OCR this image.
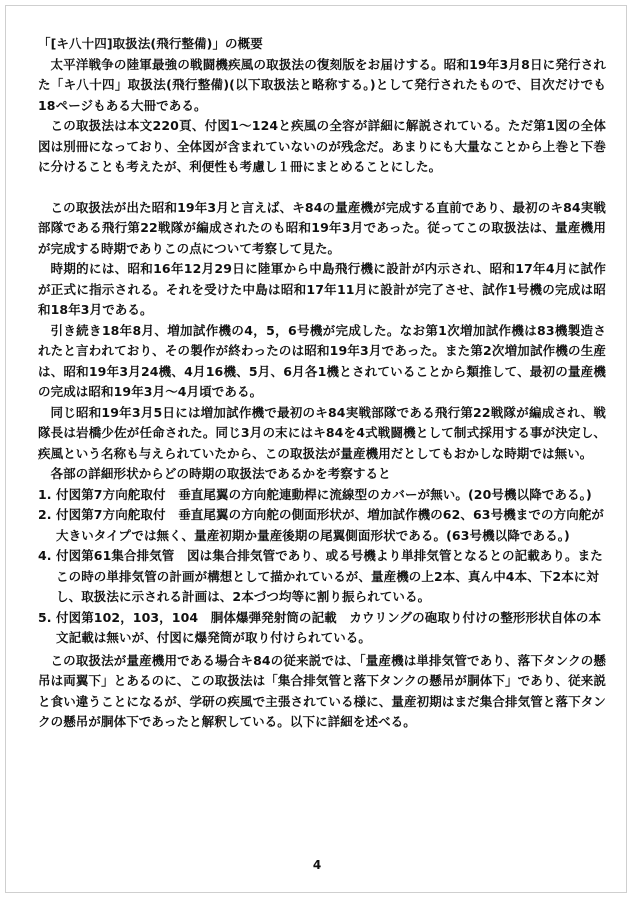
「[キ八十四]取扱法(飛行整備)」の概要

太平洋戦争の陸軍最強の戦闘機疾風の取扱法の復刻版をお届けする。昭和19年3月8日に発行された「キ八十四」取扱法(飛行整備)(以下取扱法と略称する。)として発行されたもので、目次だけでも18ページもある大冊である。

この取扱法は本文220頁、付図1～124と疾風の全容が詳細に解説されている。ただ第1図の全体図は別冊になっており、全体図が含まれていないのが残念だ。あまりにも大量なことから上巻と下巻に分けることも考えたが、利便性も考慮し１冊にまとめることにした。

この取扱法が出た昭和19年3月と言えば、キ84の量産機が完成する直前であり、最初のキ84実戦部隊である飛行第22戦隊が編成されたのも昭和19年3月であった。従ってこの取扱法は、量産機用が完成する時期でありこの点について考察して見た。

時期的には、昭和16年12月29日に陸軍から中島飛行機に設計が内示され、昭和17年4月に試作が正式に指示される。それを受けた中島は昭和17年11月に設計が完了させ、試作1号機の完成は昭和18年3月である。

引き続き18年8月、増加試作機の4，5，6号機が完成した。なお第1次増加試作機は83機製造されたと言われており、その製作が終わったのは昭和19年3月であった。また第2次増加試作機の生産は、昭和19年3月24機、4月16機、5月、6月各1機とされていることから類推して、最初の量産機の完成は昭和19年3月～4月頃である。

同じ昭和19年3月5日には増加試作機で最初のキ84実戦部隊である飛行第22戦隊が編成され、戦隊長は岩橋少佐が任命された。同じ3月の末にはキ84を4式戦闘機として制式採用する事が決定し、疾風という名称も与えられていたから、この取扱法が量産機用だとしてもおかしな時期では無い。

各部の詳細形状からどの時期の取扱法であるかを考察すると

1. 付図第7方向舵取付　垂直尾翼の方向舵連動桿に流線型のカバーが無い。(20号機以降である。)
2. 付図第7方向舵取付　垂直尾翼の方向舵の側面形状が、増加試作機の62、63号機までの方向舵が大きいタイプでは無く、量産初期か量産後期の尾翼側面形状である。(63号機以降である。)
4. 付図第61集合排気管　図は集合排気管であり、或る号機より単排気管となるとの記載あり。またこの時の単排気管の計画が構想として描かれているが、量産機の上2本、真ん中4本、下2本に対し、取扱法に示される計画は、2本づつ均等に割り振られている。
5. 付図第102，103，104　胴体爆弾発射筒の記載　カウリングの砲取り付けの整形形状自体の本文記載は無いが、付図に爆発筒が取り付けられている。

この取扱法が量産機用である場合キ84の従来説では、「量産機は単排気管であり、落下タンクの懸吊は両翼下」とあるのに、この取扱法は「集合排気管と落下タンクの懸吊が胴体下」であり、従来説と食い違うことになるが、学研の疾風で主張されている様に、量産初期はまだ集合排気管と落下タンクの懸吊が胴体下であったと解釈している。以下に詳細を述べる。

4
